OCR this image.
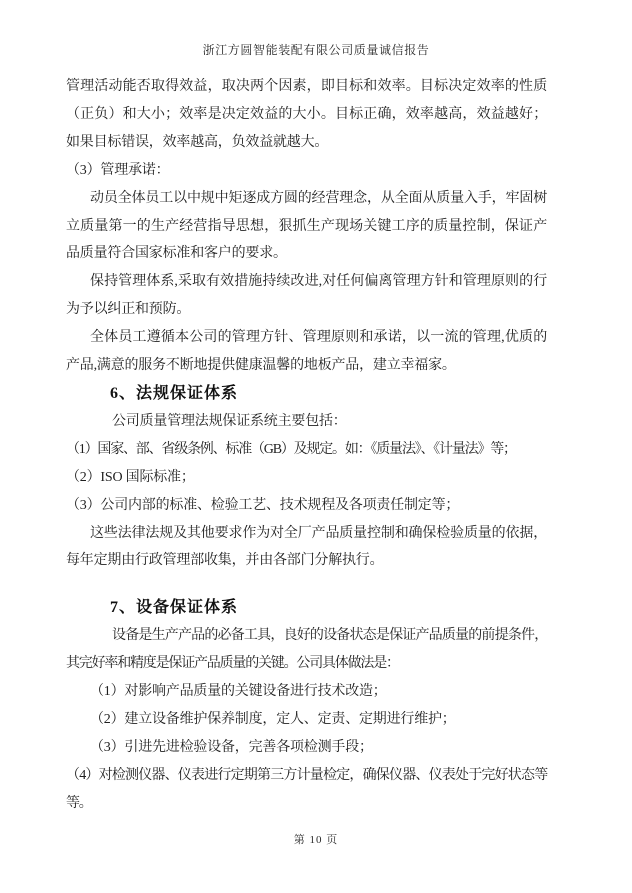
浙江方圆智能装配有限公司质量诚信报告

管理活动能否取得效益，取决两个因素，即目标和效率。目标决定效率的性质（正负）和大小；效率是决定效益的大小。目标正确，效率越高，效益越好；如果目标错误，效率越高，负效益就越大。

（3）管理承诺：

动员全体员工以中规中矩逐成方圆的经营理念，从全面从质量入手，牢固树立质量第一的生产经营指导思想，狠抓生产现场关键工序的质量控制，保证产品质量符合国家标准和客户的要求。

保持管理体系,采取有效措施持续改进,对任何偏离管理方针和管理原则的行为予以纠正和预防。

全体员工遵循本公司的管理方针、管理原则和承诺，以一流的管理,优质的产品,满意的服务不断地提供健康温馨的地板产品，建立幸福家。

6、法规保证体系

公司质量管理法规保证系统主要包括：

（1）国家、部、省级条例、标准（GB）及规定。如：《质量法》、《计量法》等；

（2）ISO 国际标准；

（3）公司内部的标准、检验工艺、技术规程及各项责任制定等；

这些法律法规及其他要求作为对全厂产品质量控制和确保检验质量的依据，每年定期由行政管理部收集，并由各部门分解执行。

7、设备保证体系

设备是生产产品的必备工具，良好的设备状态是保证产品质量的前提条件，其完好率和精度是保证产品质量的关键。公司具体做法是：

（1）对影响产品质量的关键设备进行技术改造；

（2）建立设备维护保养制度，定人、定责、定期进行维护；

（3）引进先进检验设备，完善各项检测手段；

（4）对检测仪器、仪表进行定期第三方计量检定，确保仪器、仪表处于完好状态等等。

第 10 页
